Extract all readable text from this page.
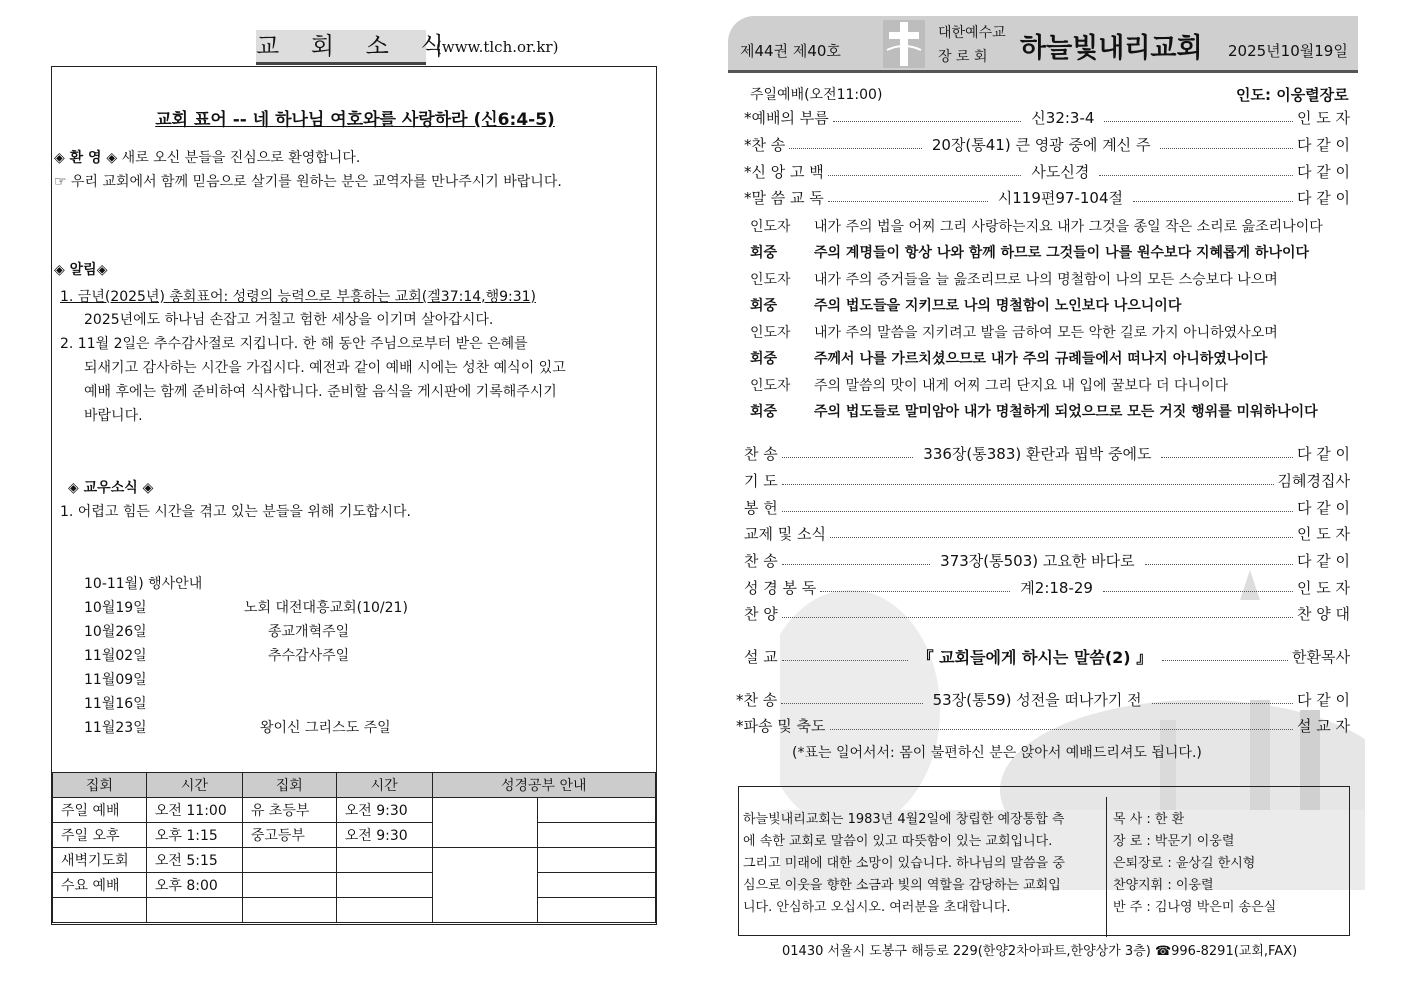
교 회 소 식
(www.tlch.or.kr)
교회 표어 -- 네 하나님 여호와를 사랑하라 (신6:4-5)
◈ 환 영 ◈ 새로 오신 분들을 진심으로 환영합니다.
☞ 우리 교회에서 함께 믿음으로 살기를 원하는 분은 교역자를 만나주시기 바랍니다.
◈ 알림◈
1. 금년(2025년) 총회표어: 성령의 능력으로 부흥하는 교회(겔37:14,행9:31)
2025년에도 하나님 손잡고 거칠고 험한 세상을 이기며 살아갑시다.
2. 11월 2일은 추수감사절로 지킵니다. 한 해 동안 주님으로부터 받은 은혜를
되새기고 감사하는 시간을 가집시다. 예전과 같이 예배 시에는 성찬 예식이 있고
예배 후에는 함께 준비하여 식사합니다. 준비할 음식을 게시판에 기록해주시기
바랍니다.
◈ 교우소식 ◈
1. 어렵고 힘든 시간을 겪고 있는 분들을 위해 기도합시다.
10-11월) 행사안내
10월19일	노회 대전대흥교회(10/21)
10월26일	종교개혁주일
11월02일	추수감사주일
11월09일
11월16일
11월23일	왕이신 그리스도 주일
집회	시간	집회	시간	성경공부 안내	
주일 예배	오전 11:00	유 초등부	오전 9:30		
주일 오후	오후 1:15	중고등부	오전 9:30		
새벽기도회	오전 5:15				
수요 예배	오후 8:00				

제44권 제40호
대한예수교
장 로 회 하늘빛내리교회 2025년10월19일
주일예배(오전11:00)	인도: 이웅렬장로
*예배의 부름	신32:3-4	인 도 자
*찬 송	20장(통41) 큰 영광 중에 계신 주	다 같 이
*신 앙 고 백	사도신경	다 같 이
*말 씀 교 독	시119편97-104절	다 같 이
인도자 내가 주의 법을 어찌 그리 사랑하는지요 내가 그것을 종일 작은 소리로 읊조리나이다
회중	주의 계명들이 항상 나와 함께 하므로 그것들이 나를 원수보다 지혜롭게 하나이다
인도자 내가 주의 증거들을 늘 읊조리므로 나의 명철함이 나의 모든 스승보다 나으며
회중	주의 법도들을 지키므로 나의 명철함이 노인보다 나으니이다
인도자 내가 주의 말씀을 지키려고 발을 금하여 모든 악한 길로 가지 아니하였사오며
회중	주께서 나를 가르치셨으므로 내가 주의 규례들에서 떠나지 아니하였나이다
인도자 주의 말씀의 맛이 내게 어찌 그리 단지요 내 입에 꿀보다 더 다니이다
회중	주의 법도들로 말미암아 내가 명철하게 되었으므로 모든 거짓 행위를 미워하나이다
찬 송	336장(통383) 환란과 핍박 중에도	다 같 이
기 도	김혜경집사
봉 헌	다 같 이
교제 및 소식	인 도 자
찬 송	373장(통503) 고요한 바다로	다 같 이
성 경 봉 독	계2:18-29	인 도 자
찬 양	찬 양 대
설 교	『 교회들에게 하시는 말씀(2) 』	한환목사
*찬 송	53장(통59) 성전을 떠나가기 전	다 같 이
*파송 및 축도	설 교 자
(*표는 일어서서: 몸이 불편하신 분은 앉아서 예배드리셔도 됩니다.)
하늘빛내리교회는 1983년 4월2일에 창립한 예장통합 측
에 속한 교회로 말씀이 있고 따뜻함이 있는 교회입니다.
그리고 미래에 대한 소망이 있습니다. 하나님의 말씀을 중
심으로 이웃을 향한 소금과 빛의 역할을 감당하는 교회입
니다. 안심하고 오십시오. 여러분을 초대합니다.
목 사 : 한 환
장 로 : 박문기 이웅렬
은퇴장로 : 윤상길 한시형
찬양지휘 : 이웅렬
반 주 : 김나영 박은미 송은실
01430 서울시 도봉구 해등로 229(한양2차아파트,한양상가 3층) ☎996-8291(교회,FAX)
